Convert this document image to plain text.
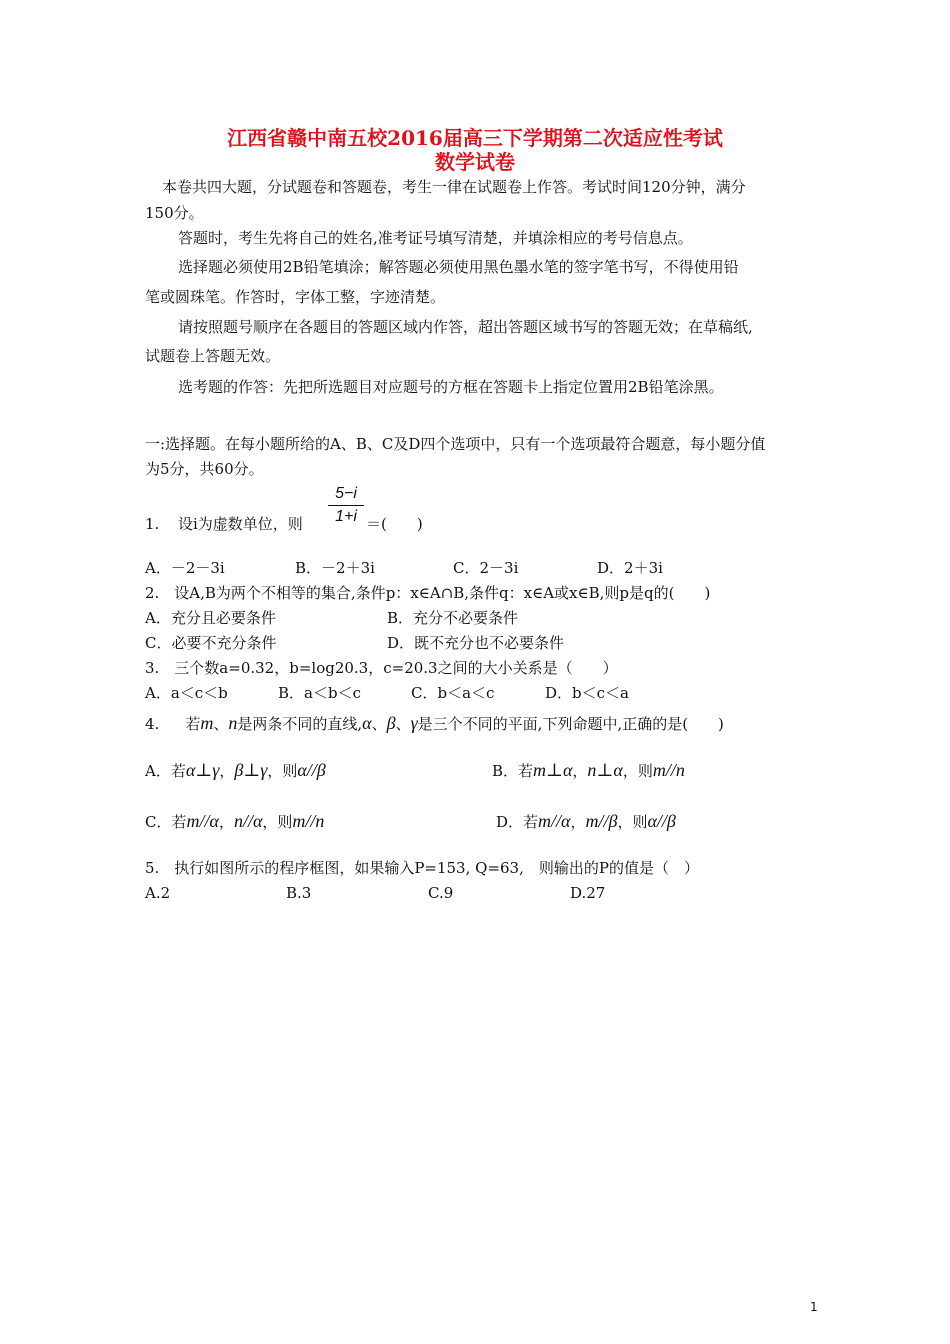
江西省赣中南五校2016届高三下学期第二次适应性考试
数学试卷
本卷共四大题，分试题卷和答题卷，考生一律在试题卷上作答。考试时间120分钟，满分
150分。
答题时，考生先将自己的姓名,准考证号填写清楚，并填涂相应的考号信息点。
选择题必须使用2B铅笔填涂；解答题必须使用黑色墨水笔的签字笔书写，不得使用铅
笔或圆珠笔。作答时，字体工整，字迹清楚。
请按照题号顺序在各题目的答题区域内作答，超出答题区域书写的答题无效；在草稿纸,
试题卷上答题无效。
选考题的作答：先把所选题目对应题号的方框在答题卡上指定位置用2B铅笔涂黑。
一:选择题。在每小题所给的A、B、C及D四个选项中，只有一个选项最符合题意，每小题分值
为5分，共60分。
1. 设i为虚数单位，则
5−i
1+i ＝(　　)
A．－2－3i	B．－2＋3i	C．2－3i	D．2＋3i
2.　设A,B为两个不相等的集合,条件p：x∈A∩B,条件q：x∈A或x∈B,则p是q的(　　)
A．充分且必要条件	B．充分不必要条件
C．必要不充分条件	D．既不充分也不必要条件
3.　三个数a=0.32，b=log20.3，c=20.3之间的大小关系是（　　）
A．a＜c＜b	B．a＜b＜c	C．b＜a＜c	D．b＜c＜a
4. 若m、n是两条不同的直线,α、β、γ是三个不同的平面,下列命题中,正确的是(　　)
A．若α⊥γ，β⊥γ，则α//β	B．若m⊥α，n⊥α，则m//n
C．若m//α，n//α，则m//n	D．若m//α，m//β，则α//β
5.　执行如图所示的程序框图，如果输入P=153, Q=63,　则输出的P的值是（　）
A.2	B.3	C.9	D.27
1
